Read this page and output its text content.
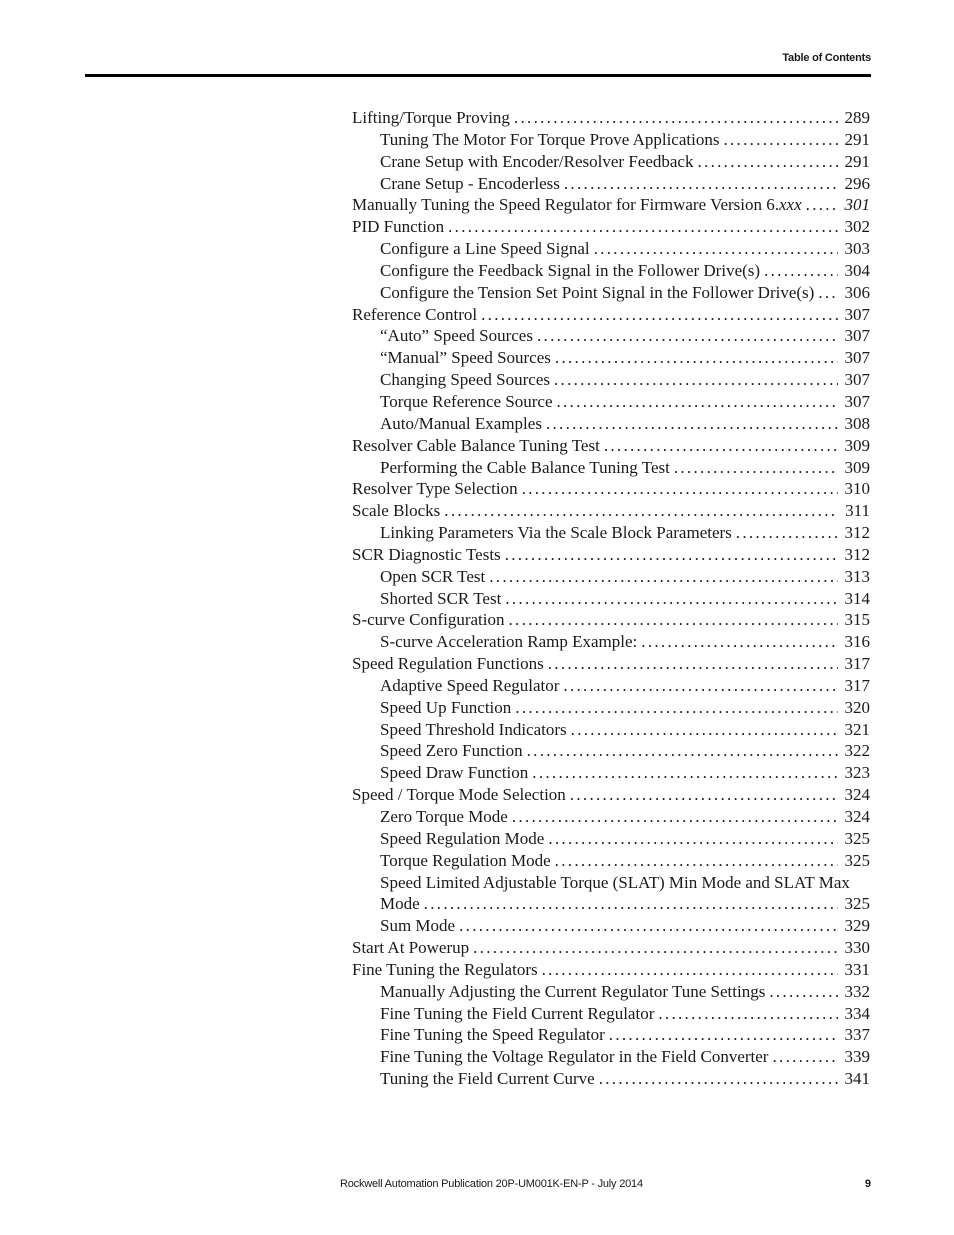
Table of Contents
Lifting/Torque Proving .....	289
Tuning The Motor For Torque Prove Applications .....	291
Crane Setup with Encoder/Resolver Feedback .....	291
Crane Setup - Encoderless .....	296
Manually Tuning the Speed Regulator for Firmware Version 6.xxx .....	301
PID Function .....	302
Configure a Line Speed Signal .....	303
Configure the Feedback Signal in the Follower Drive(s) .....	304
Configure the Tension Set Point Signal in the Follower Drive(s) ..... 306
Reference Control .....	307
“Auto” Speed Sources .....	307
“Manual” Speed Sources .....	307
Changing Speed Sources .....	307
Torque Reference Source .....	307
Auto/Manual Examples .....	308
Resolver Cable Balance Tuning Test .....	309
Performing the Cable Balance Tuning Test .....	309
Resolver Type Selection .....	310
Scale Blocks .....	311
Linking Parameters Via the Scale Block Parameters .....	312
SCR Diagnostic Tests .....	312
Open SCR Test .....	313
Shorted SCR Test .....	314
S-curve Configuration .....	315
S-curve Acceleration Ramp Example: .....	316
Speed Regulation Functions .....	317
Adaptive Speed Regulator .....	317
Speed Up Function .....	320
Speed Threshold Indicators .....	321
Speed Zero Function .....	322
Speed Draw Function .....	323
Speed / Torque Mode Selection .....	324
Zero Torque Mode .....	324
Speed Regulation Mode .....	325
Torque Regulation Mode .....	325
Speed Limited Adjustable Torque (SLAT) Min Mode and SLAT Max
Mode .....	325
Sum Mode .....	329
Start At Powerup .....	330
Fine Tuning the Regulators .....	331
Manually Adjusting the Current Regulator Tune Settings .....	332
Fine Tuning the Field Current Regulator .....	334
Fine Tuning the Speed Regulator .....	337
Fine Tuning the Voltage Regulator in the Field Converter .....	339
Tuning the Field Current Curve .....	341
Rockwell Automation Publication 20P-UM001K-EN-P - July 2014	9
